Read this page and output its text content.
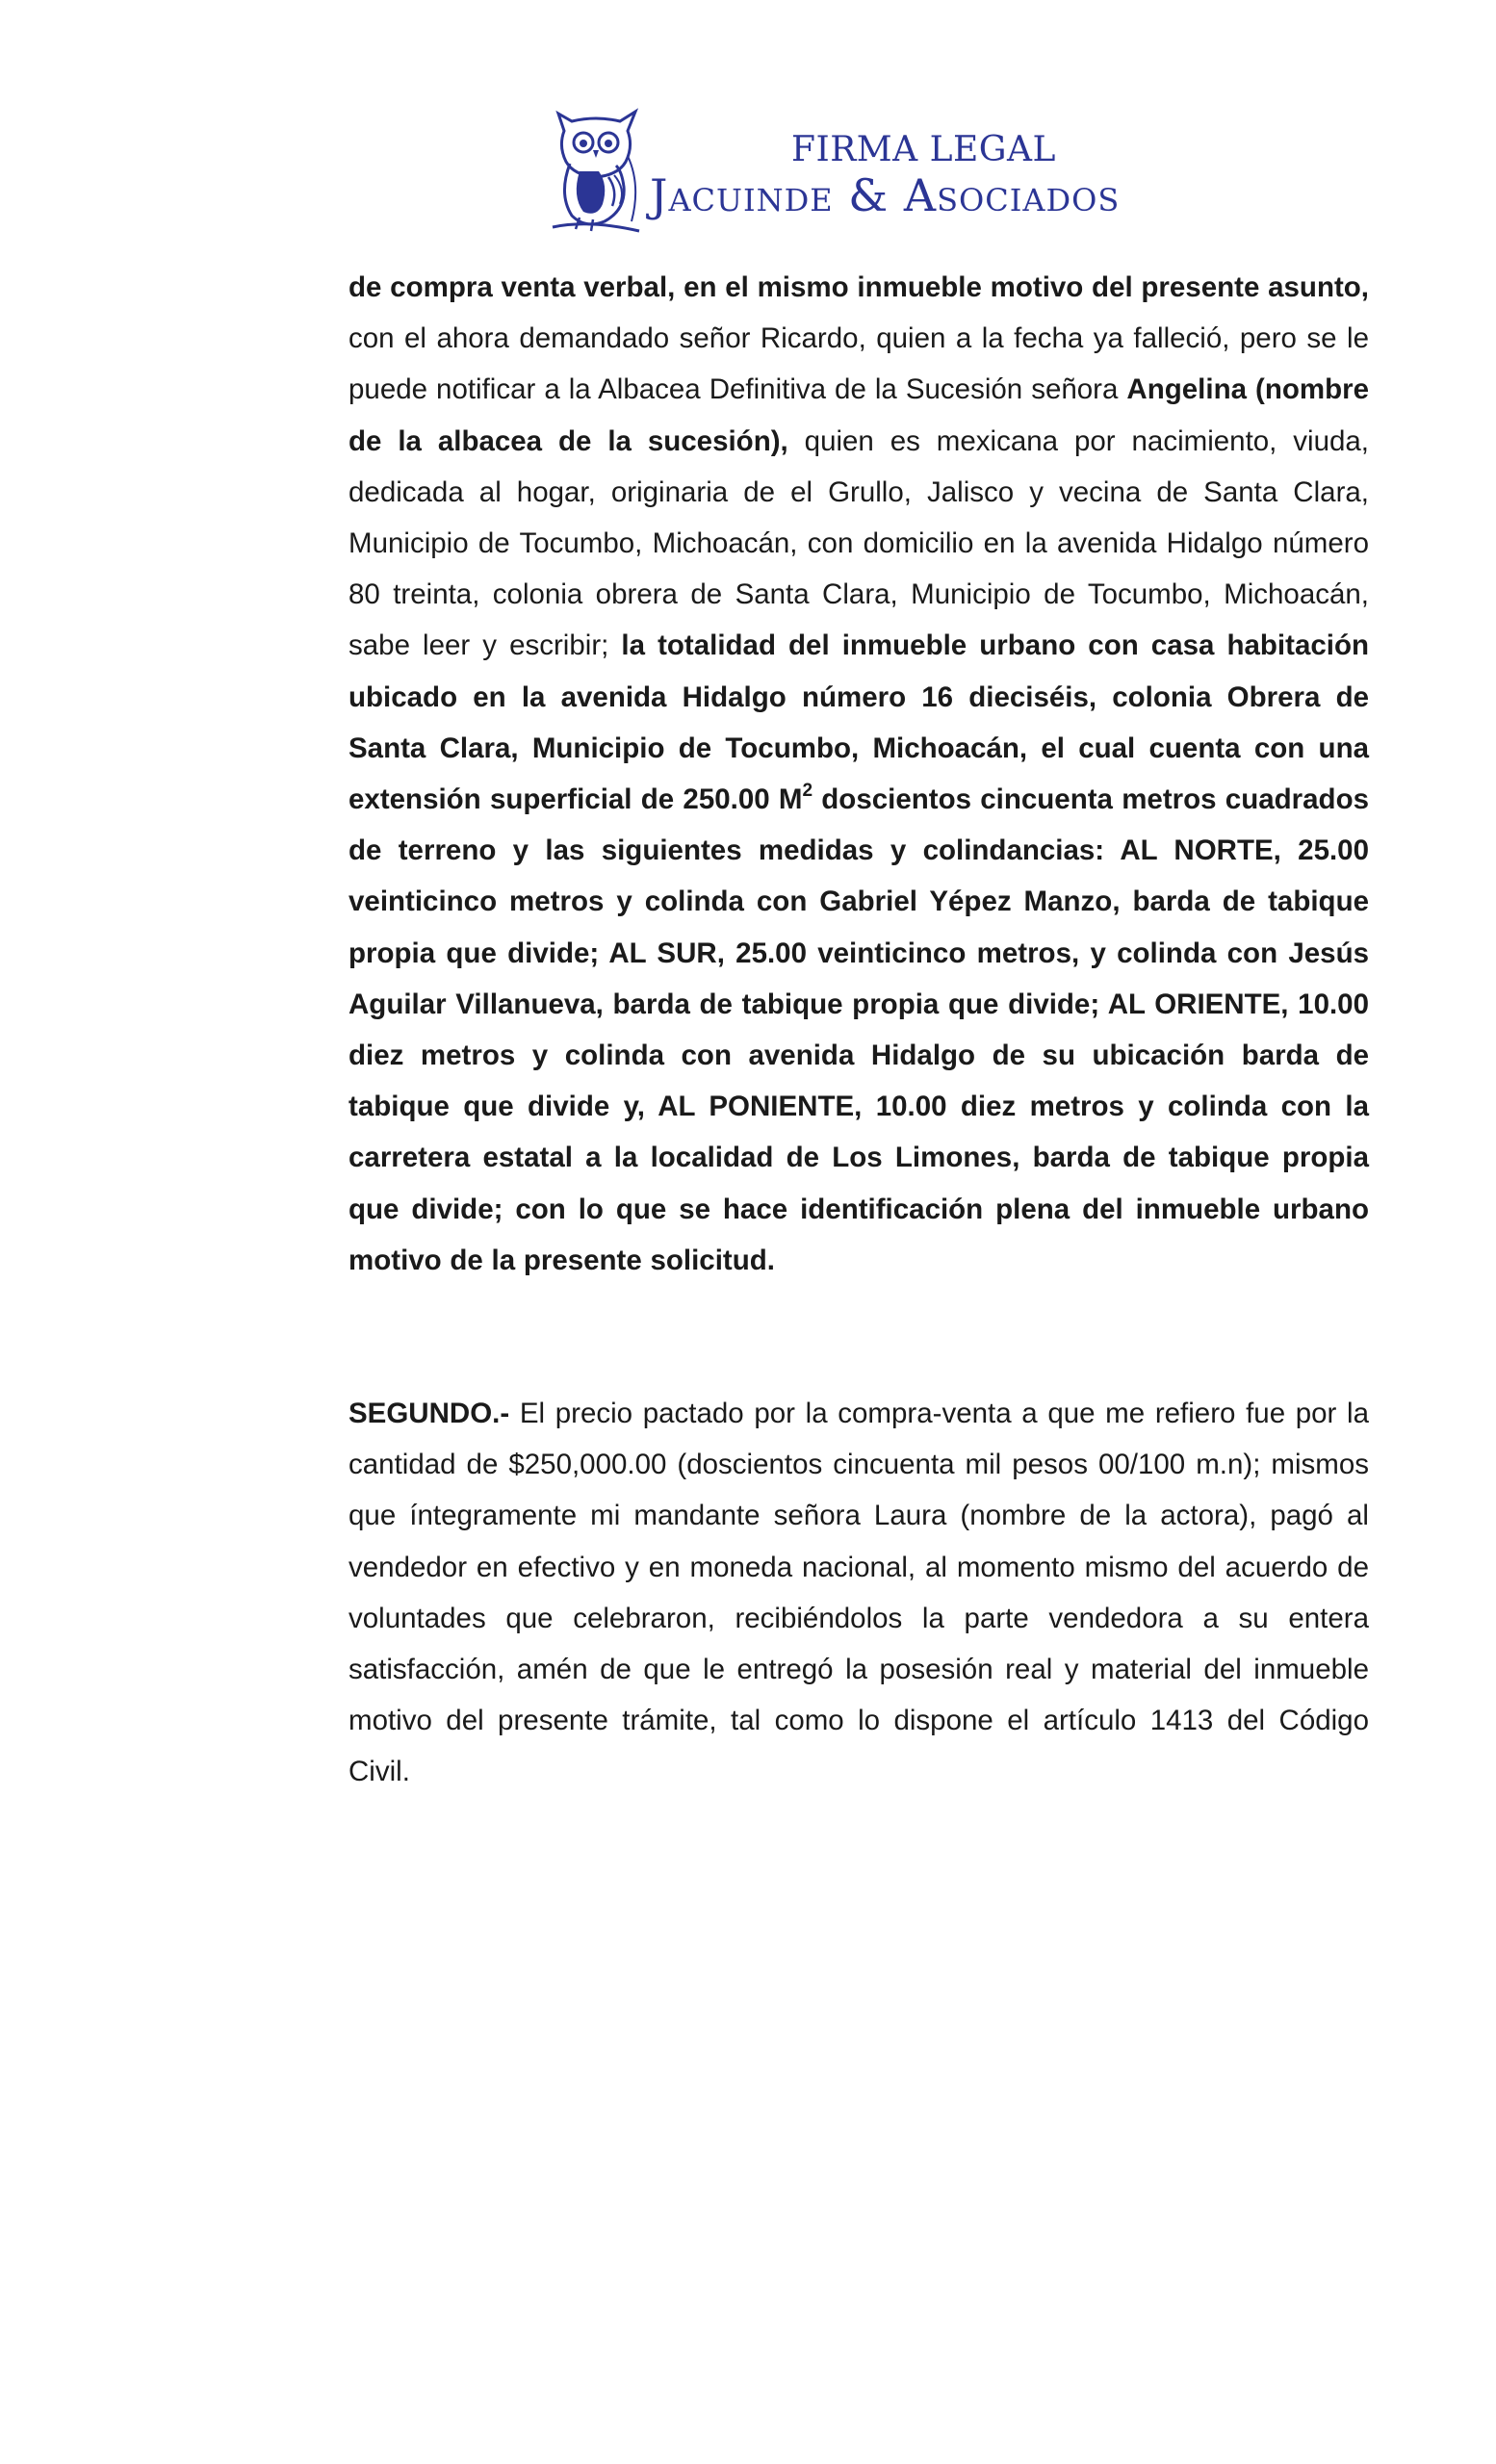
FIRMA LEGAL
Jacuinde & Asociados

de compra venta verbal, en el mismo inmueble motivo del presente asunto, con el ahora demandado señor Ricardo, quien a la fecha ya falleció, pero se le puede notificar a la Albacea Definitiva de la Sucesión señora Angelina (nombre de la albacea de la sucesión), quien es mexicana por nacimiento, viuda, dedicada al hogar, originaria de el Grullo, Jalisco y vecina de Santa Clara, Municipio de Tocumbo, Michoacán, con domicilio en la avenida Hidalgo número 80 treinta, colonia obrera de Santa Clara, Municipio de Tocumbo, Michoacán, sabe leer y escribir; la totalidad del inmueble urbano con casa habitación ubicado en la avenida Hidalgo número 16 dieciséis, colonia Obrera de Santa Clara, Municipio de Tocumbo, Michoacán, el cual cuenta con una extensión superficial de 250.00 $M^2$ doscientos cincuenta metros cuadrados de terreno y las siguientes medidas y colindancias: AL NORTE, 25.00 veinticinco metros y colinda con Gabriel Yépez Manzo, barda de tabique propia que divide; AL SUR, 25.00 veinticinco metros, y colinda con Jesús Aguilar Villanueva, barda de tabique propia que divide; AL ORIENTE, 10.00 diez metros y colinda con avenida Hidalgo de su ubicación barda de tabique que divide y, AL PONIENTE, 10.00 diez metros y colinda con la carretera estatal a la localidad de Los Limones, barda de tabique propia que divide; con lo que se hace identificación plena del inmueble urbano motivo de la presente solicitud.

SEGUNDO.- El precio pactado por la compra-venta a que me refiero fue por la cantidad de $250,000.00 (doscientos cincuenta mil pesos 00/100 m.n); mismos que íntegramente mi mandante señora Laura (nombre de la actora), pagó al vendedor en efectivo y en moneda nacional, al momento mismo del acuerdo de voluntades que celebraron, recibiéndolos la parte vendedora a su entera satisfacción, amén de que le entregó la posesión real y material del inmueble motivo del presente trámite, tal como lo dispone el artículo 1413 del Código Civil.
